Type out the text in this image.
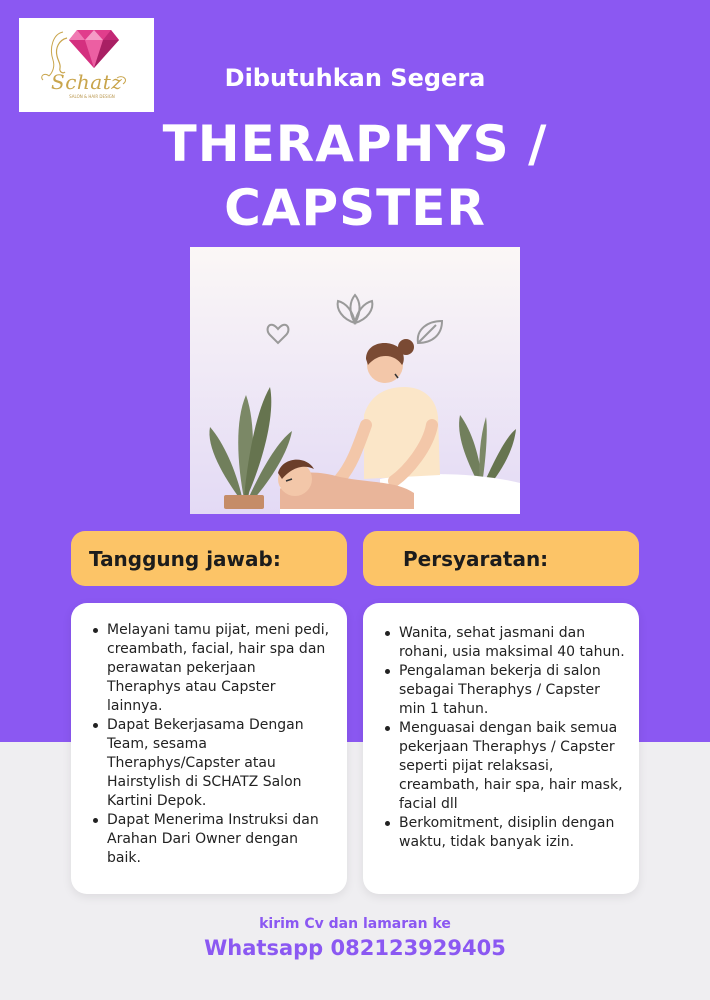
Schatz
SALON & HAIR DESIGN
Dibutuhkan Segera
THERAPHYS /
CAPSTER
Tanggung jawab:	Persyaratan:
Melayani tamu pijat, meni pedi, creambath, facial, hair spa dan perawatan pekerjaan Theraphys atau Capster lainnya.
Dapat Bekerjasama Dengan Team, sesama Theraphys/Capster atau Hairstylish di SCHATZ Salon Kartini Depok.
Dapat Menerima Instruksi dan Arahan Dari Owner dengan baik.
Wanita, sehat jasmani dan rohani, usia maksimal 40 tahun.
Pengalaman bekerja di salon sebagai Theraphys / Capster min 1 tahun.
Menguasai dengan baik semua pekerjaan Theraphys / Capster seperti pijat relaksasi, creambath, hair spa, hair mask, facial dll
Berkomitment, disiplin dengan waktu, tidak banyak izin.
kirim Cv dan lamaran ke
Whatsapp 082123929405
